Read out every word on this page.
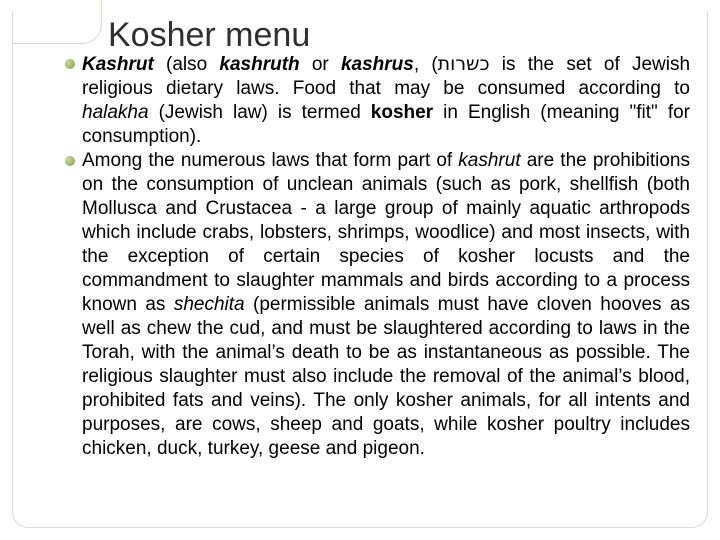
Kosher menu
Kashrut (also kashruth or kashrus, (כשרות is the set of Jewish religious dietary laws. Food that may be consumed according to halakha (Jewish law) is termed kosher in English (meaning "fit" for consumption).
Among the numerous laws that form part of kashrut are the prohibitions on the consumption of unclean animals (such as pork, shellfish (both Mollusca and Crustacea - a large group of mainly aquatic arthropods which include crabs, lobsters, shrimps, woodlice) and most insects, with the exception of certain species of kosher locusts and the commandment to slaughter mammals and birds according to a process known as shechita (permissible animals must have cloven hooves as well as chew the cud, and must be slaughtered according to laws in the Torah, with the animal’s death to be as instantaneous as possible. The religious slaughter must also include the removal of the animal’s blood, prohibited fats and veins). The only kosher animals, for all intents and purposes, are cows, sheep and goats, while kosher poultry includes chicken, duck, turkey, geese and pigeon.
